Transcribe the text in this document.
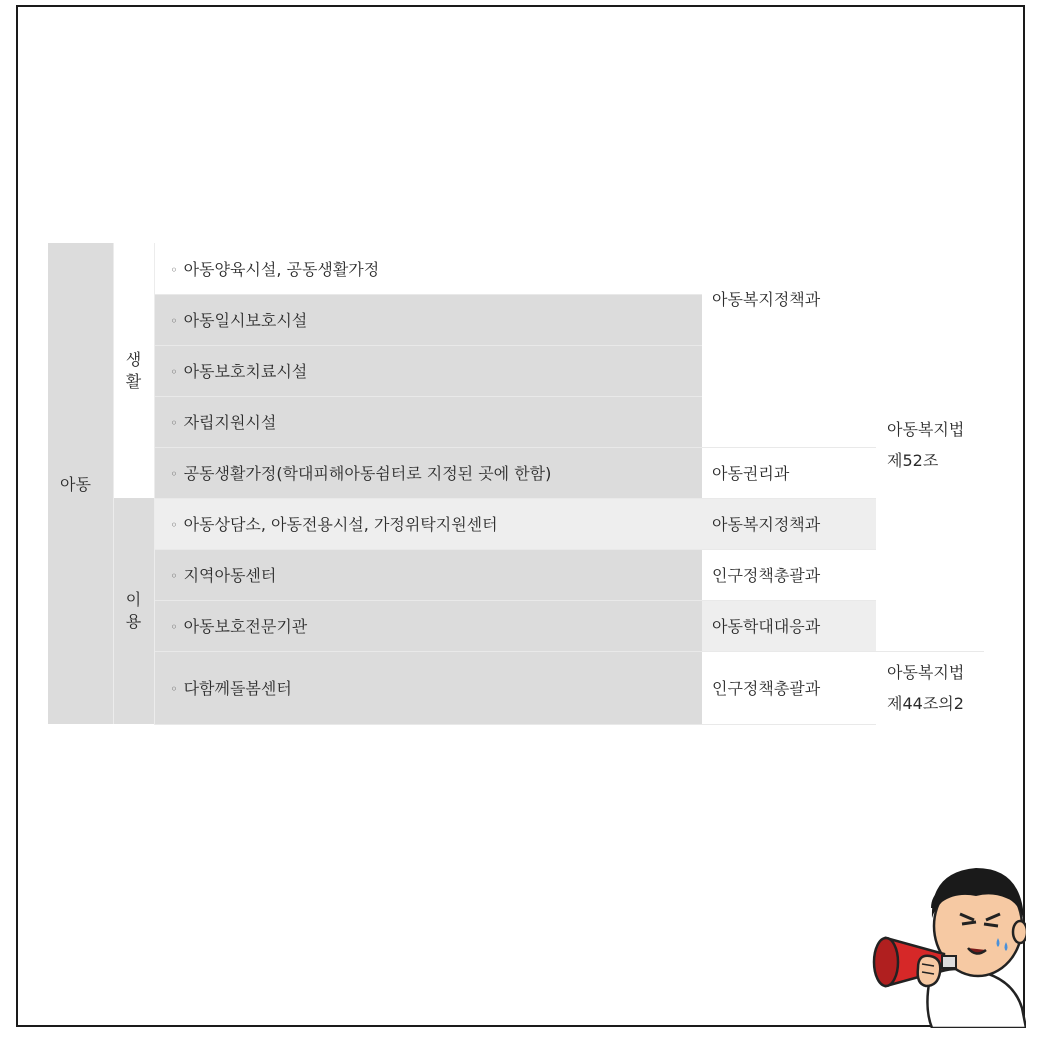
아동	생활	◦ 아동양육시설, 공동생활가정	아동복지정책과	아동복지법
제52조

		◦ 아동일시보호시설		
		◦ 아동보호치료시설		
		◦ 자립지원시설		
		◦ 공동생활가정(학대피해아동쉼터로 지정된 곳에 한함)	아동권리과	
	이용	◦ 아동상담소, 아동전용시설, 가정위탁지원센터	아동복지정책과	
		◦ 지역아동센터	인구정책총괄과	
		◦ 아동보호전문기관	아동학대대응과	
		◦ 다함께돌봄센터	인구정책총괄과	아동복지법
제44조의2
